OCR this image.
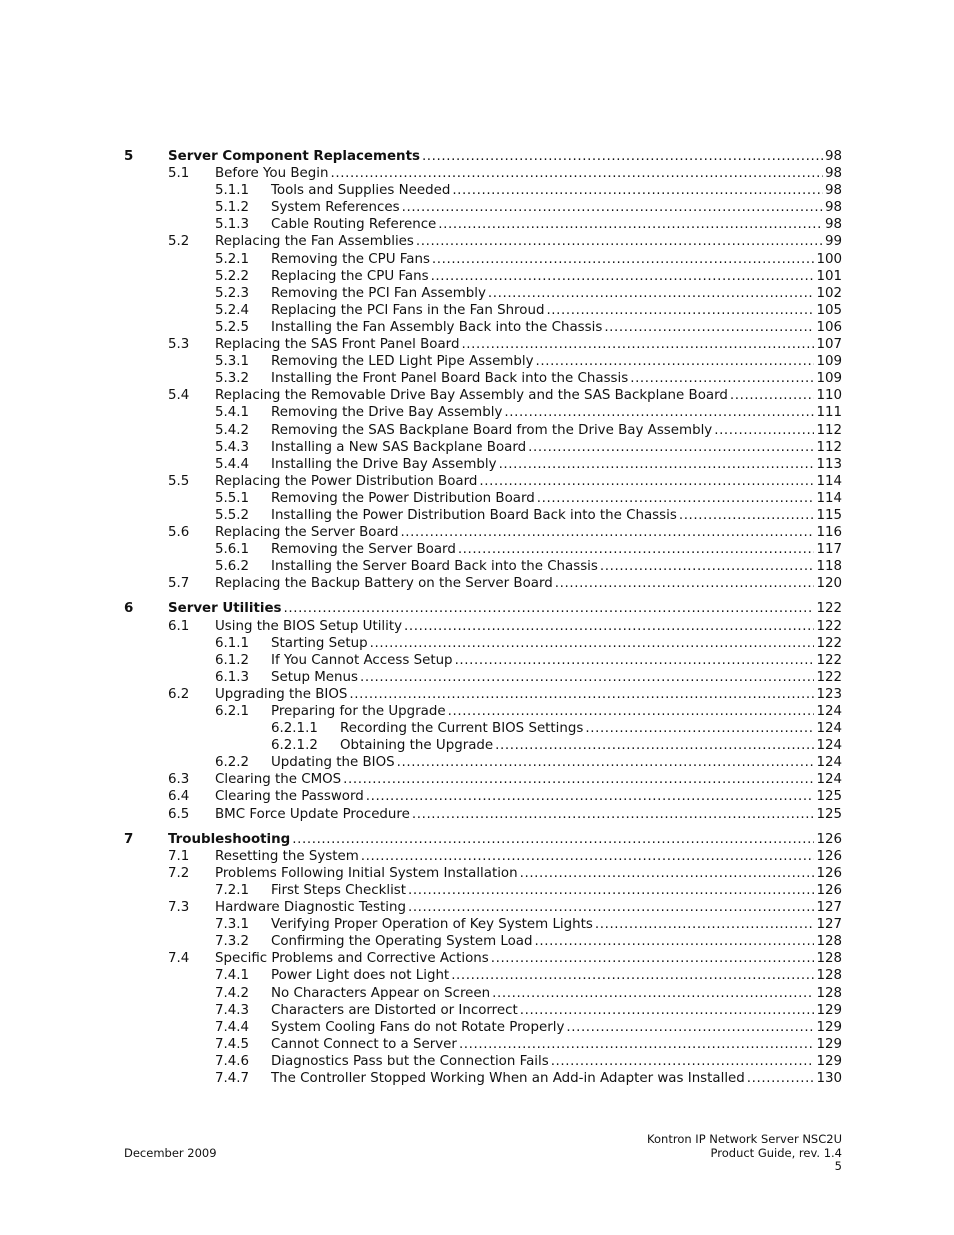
5	Server Component Replacements .....	98
5.1 Before You Begin .....	98
5.1.1 Tools and Supplies Needed .....	98
5.1.2 System References .....	98
5.1.3 Cable Routing Reference .....	98
5.2 Replacing the Fan Assemblies .....	99
5.2.1 Removing the CPU Fans .....	100
5.2.2 Replacing the CPU Fans .....	101
5.2.3 Removing the PCI Fan Assembly .....	102
5.2.4 Replacing the PCI Fans in the Fan Shroud .....	105
5.2.5 Installing the Fan Assembly Back into the Chassis .....	106
5.3 Replacing the SAS Front Panel Board .....	107
5.3.1 Removing the LED Light Pipe Assembly .....	109
5.3.2 Installing the Front Panel Board Back into the Chassis .....	109
5.4 Replacing the Removable Drive Bay Assembly and the SAS Backplane Board .....	110
5.4.1 Removing the Drive Bay Assembly .....	111
5.4.2 Removing the SAS Backplane Board from the Drive Bay Assembly .....	112
5.4.3 Installing a New SAS Backplane Board .....	112
5.4.4 Installing the Drive Bay Assembly .....	113
5.5 Replacing the Power Distribution Board .....	114
5.5.1 Removing the Power Distribution Board .....	114
5.5.2 Installing the Power Distribution Board Back into the Chassis .....	115
5.6 Replacing the Server Board .....	116
5.6.1 Removing the Server Board .....	117
5.6.2 Installing the Server Board Back into the Chassis .....	118
5.7 Replacing the Backup Battery on the Server Board .....	120
6	Server Utilities .....	122
6.1 Using the BIOS Setup Utility .....	122
6.1.1 Starting Setup .....	122
6.1.2 If You Cannot Access Setup .....	122
6.1.3 Setup Menus .....	122
6.2 Upgrading the BIOS .....	123
6.2.1 Preparing for the Upgrade .....	124
6.2.1.1 Recording the Current BIOS Settings .....	124
6.2.1.2 Obtaining the Upgrade .....	124
6.2.2 Updating the BIOS .....	124
6.3 Clearing the CMOS .....	124
6.4 Clearing the Password .....	125
6.5 BMC Force Update Procedure .....	125
7	Troubleshooting .....	126
7.1 Resetting the System .....	126
7.2 Problems Following Initial System Installation .....	126
7.2.1 First Steps Checklist .....	126
7.3 Hardware Diagnostic Testing .....	127
7.3.1 Verifying Proper Operation of Key System Lights .....	127
7.3.2 Confirming the Operating System Load .....	128
7.4 Specific Problems and Corrective Actions .....	128
7.4.1 Power Light does not Light .....	128
7.4.2 No Characters Appear on Screen .....	128
7.4.3 Characters are Distorted or Incorrect .....	129
7.4.4 System Cooling Fans do not Rotate Properly .....	129
7.4.5 Cannot Connect to a Server .....	129
7.4.6 Diagnostics Pass but the Connection Fails .....	129
7.4.7 The Controller Stopped Working When an Add-in Adapter was Installed .....	130
December 2009
Kontron IP Network Server NSC2U
Product Guide, rev. 1.4
5
